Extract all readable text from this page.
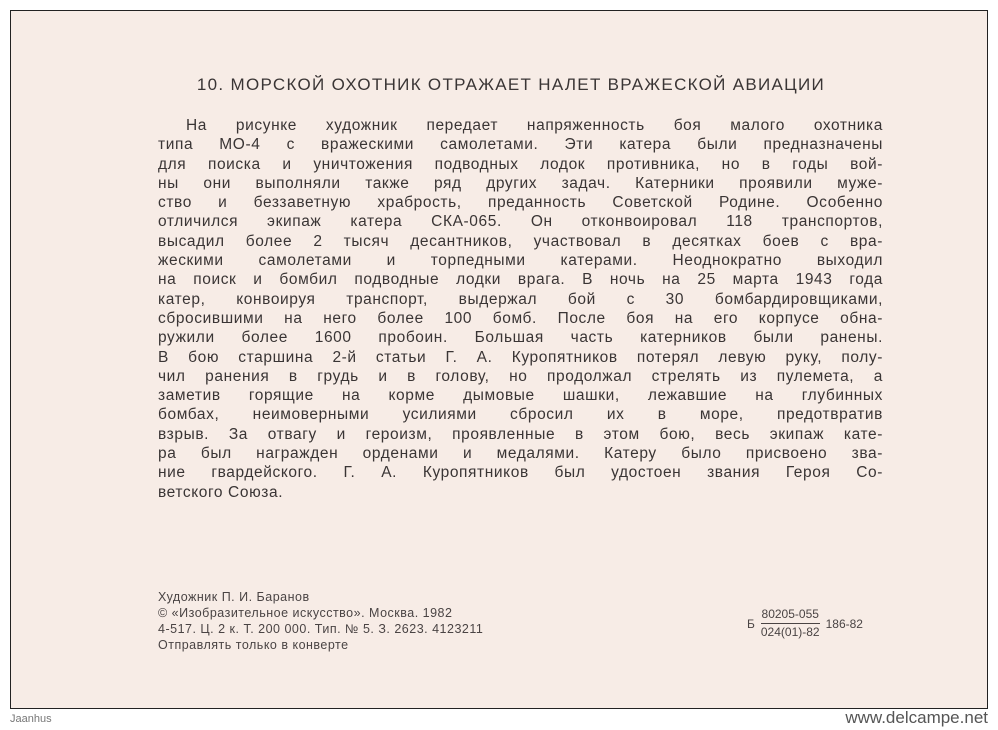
10. МОРСКОЙ ОХОТНИК ОТРАЖАЕТ НАЛЕТ ВРАЖЕСКОЙ АВИАЦИИ
На рисунке художник передает напряженность боя малого охотника
типа МО-4 с вражескими самолетами. Эти катера были предназначены
для поиска и уничтожения подводных лодок противника, но в годы вой-
ны они выполняли также ряд других задач. Катерники проявили муже-
ство и беззаветную храбрость, преданность Советской Родине. Особенно
отличился экипаж катера СКА-065. Он отконвоировал 118 транспортов,
высадил более 2 тысяч десантников, участвовал в десятках боев с вра-
жескими самолетами и торпедными катерами. Неоднократно выходил
на поиск и бомбил подводные лодки врага. В ночь на 25 марта 1943 года
катер, конвоируя транспорт, выдержал бой с 30 бомбардировщиками,
сбросившими на него более 100 бомб. После боя на его корпусе обна-
ружили более 1600 пробоин. Большая часть катерников были ранены.
В бою старшина 2-й статьи Г. А. Куропятников потерял левую руку, полу-
чил ранения в грудь и в голову, но продолжал стрелять из пулемета, а
заметив горящие на корме дымовые шашки, лежавшие на глубинных
бомбах, неимоверными усилиями сбросил их в море, предотвратив
взрыв. За отвагу и героизм, проявленные в этом бою, весь экипаж кате-
ра был награжден орденами и медалями. Катеру было присвоено зва-
ние гвардейского. Г. А. Куропятников был удостоен звания Героя Со-
ветского Союза.
Художник П. И. Баранов
© «Изобразительное искусство». Москва. 1982
4-517. Ц. 2 к. Т. 200 000. Тип. № 5. З. 2623. 4123211
Отправлять только в конверте
Б $\frac{80205-055}{024(01)-82} 186-82$
Jaanhus	www.delcampe.net
